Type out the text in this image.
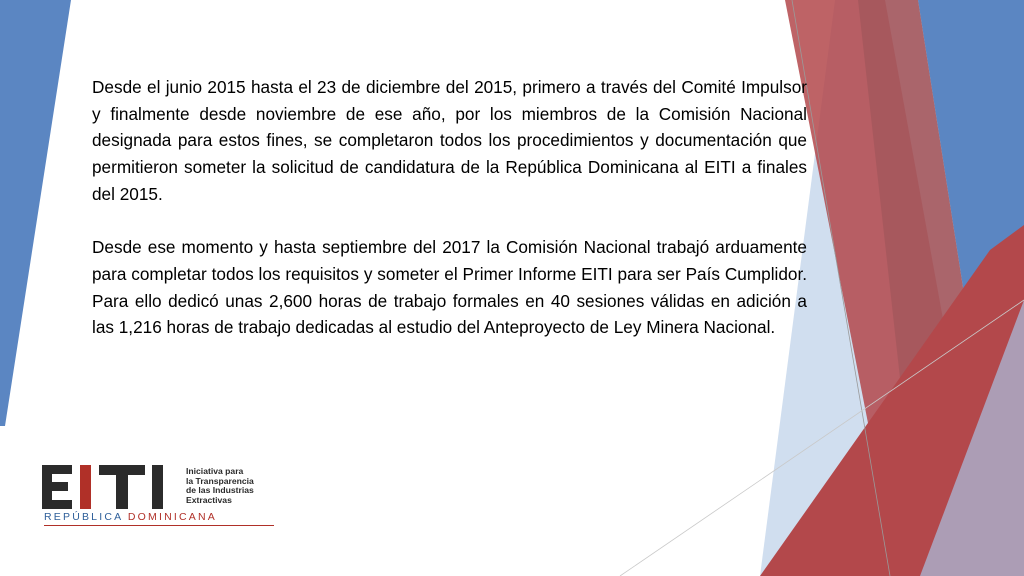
Desde el junio 2015 hasta el 23 de diciembre del 2015, primero a través del Comité Impulsor y finalmente desde noviembre de ese año, por los miembros de la Comisión Nacional designada para estos fines, se completaron todos los procedimientos y documentación que permitieron someter la solicitud de candidatura de la República Dominicana al EITI a finales del 2015.

Desde ese momento y hasta septiembre del 2017 la Comisión Nacional trabajó arduamente para completar todos los requisitos y someter el Primer Informe EITI para ser País Cumplidor. Para ello dedicó unas 2,600 horas de trabajo formales en 40 sesiones válidas en adición a las 1,216 horas de trabajo dedicadas al estudio del Anteproyecto de Ley Minera Nacional.

Iniciativa para
la Transparencia
de las Industrias
Extractivas
REPÚBLICA DOMINICANA
